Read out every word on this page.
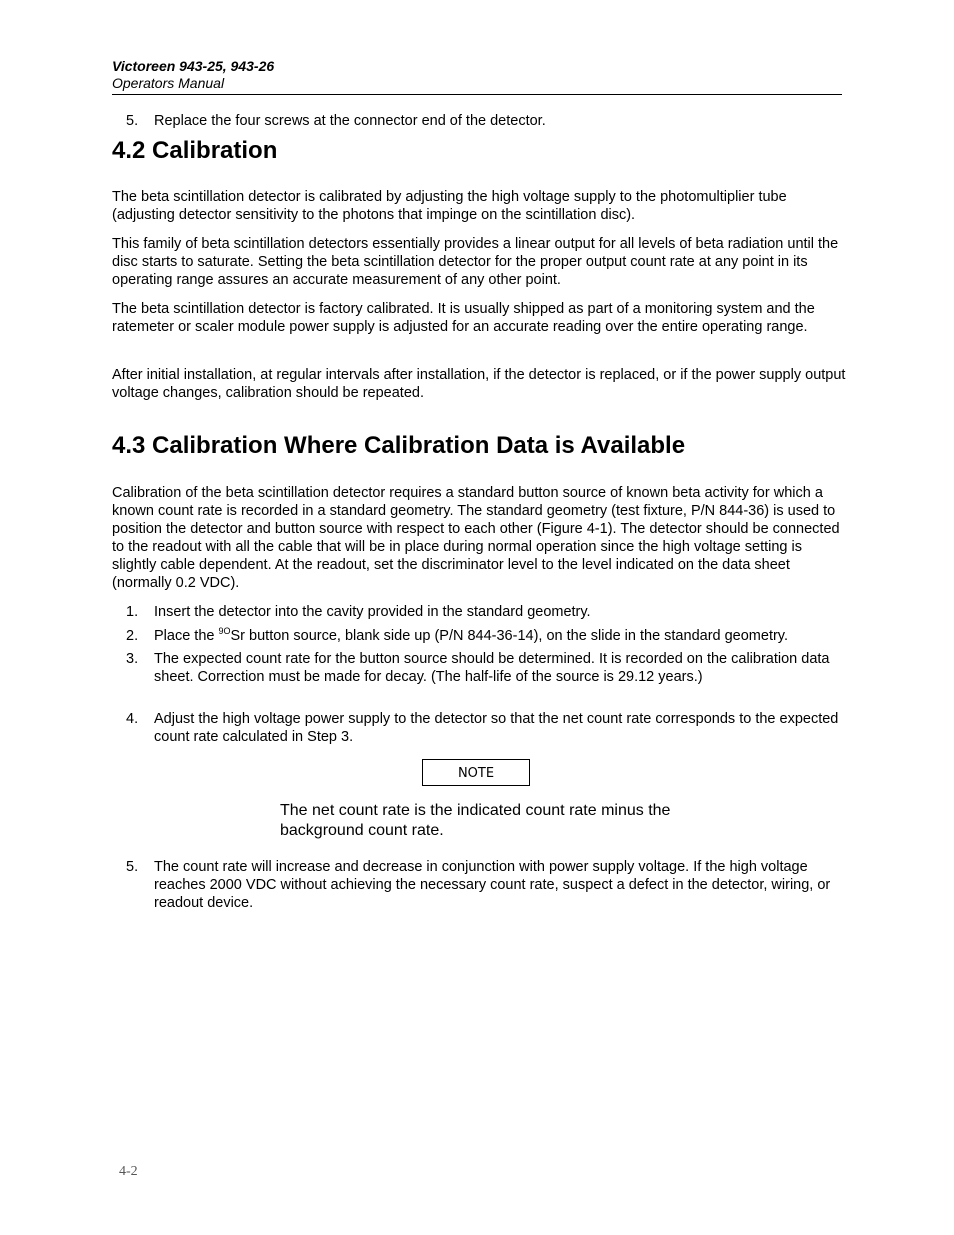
Victoreen 943-25, 943-26
Operators Manual
5. Replace the four screws at the connector end of the detector.
4.2 Calibration
The beta scintillation detector is calibrated by adjusting the high voltage supply to the photomultiplier tube (adjusting detector sensitivity to the photons that impinge on the scintillation disc).
This family of beta scintillation detectors essentially provides a linear output for all levels of beta radiation until the disc starts to saturate. Setting the beta scintillation detector for the proper output count rate at any point in its operating range assures an accurate measurement of any other point.
The beta scintillation detector is factory calibrated. It is usually shipped as part of a monitoring system and the ratemeter or scaler module power supply is adjusted for an accurate reading over the entire operating range.
After initial installation, at regular intervals after installation, if the detector is replaced, or if the power supply output voltage changes, calibration should be repeated.
4.3 Calibration Where Calibration Data is Available
Calibration of the beta scintillation detector requires a standard button source of known beta activity for which a known count rate is recorded in a standard geometry. The standard geometry (test fixture, P/N 844-36) is used to position the detector and button source with respect to each other (Figure 4-1). The detector should be connected to the readout with all the cable that will be in place during normal operation since the high voltage setting is slightly cable dependent. At the readout, set the discriminator level to the level indicated on the data sheet (normally 0.2 VDC).
1. Insert the detector into the cavity provided in the standard geometry.
2. Place the $^{9O}$Sr button source, blank side up (P/N 844-36-14), on the slide in the standard geometry.
3. The expected count rate for the button source should be determined. It is recorded on the calibration data sheet. Correction must be made for decay. (The half-life of the source is 29.12 years.)
4. Adjust the high voltage power supply to the detector so that the net count rate corresponds to the expected count rate calculated in Step 3.
NOTE
The net count rate is the indicated count rate minus the background count rate.
5. The count rate will increase and decrease in conjunction with power supply voltage. If the high voltage reaches 2000 VDC without achieving the necessary count rate, suspect a defect in the detector, wiring, or readout device.
4-2
